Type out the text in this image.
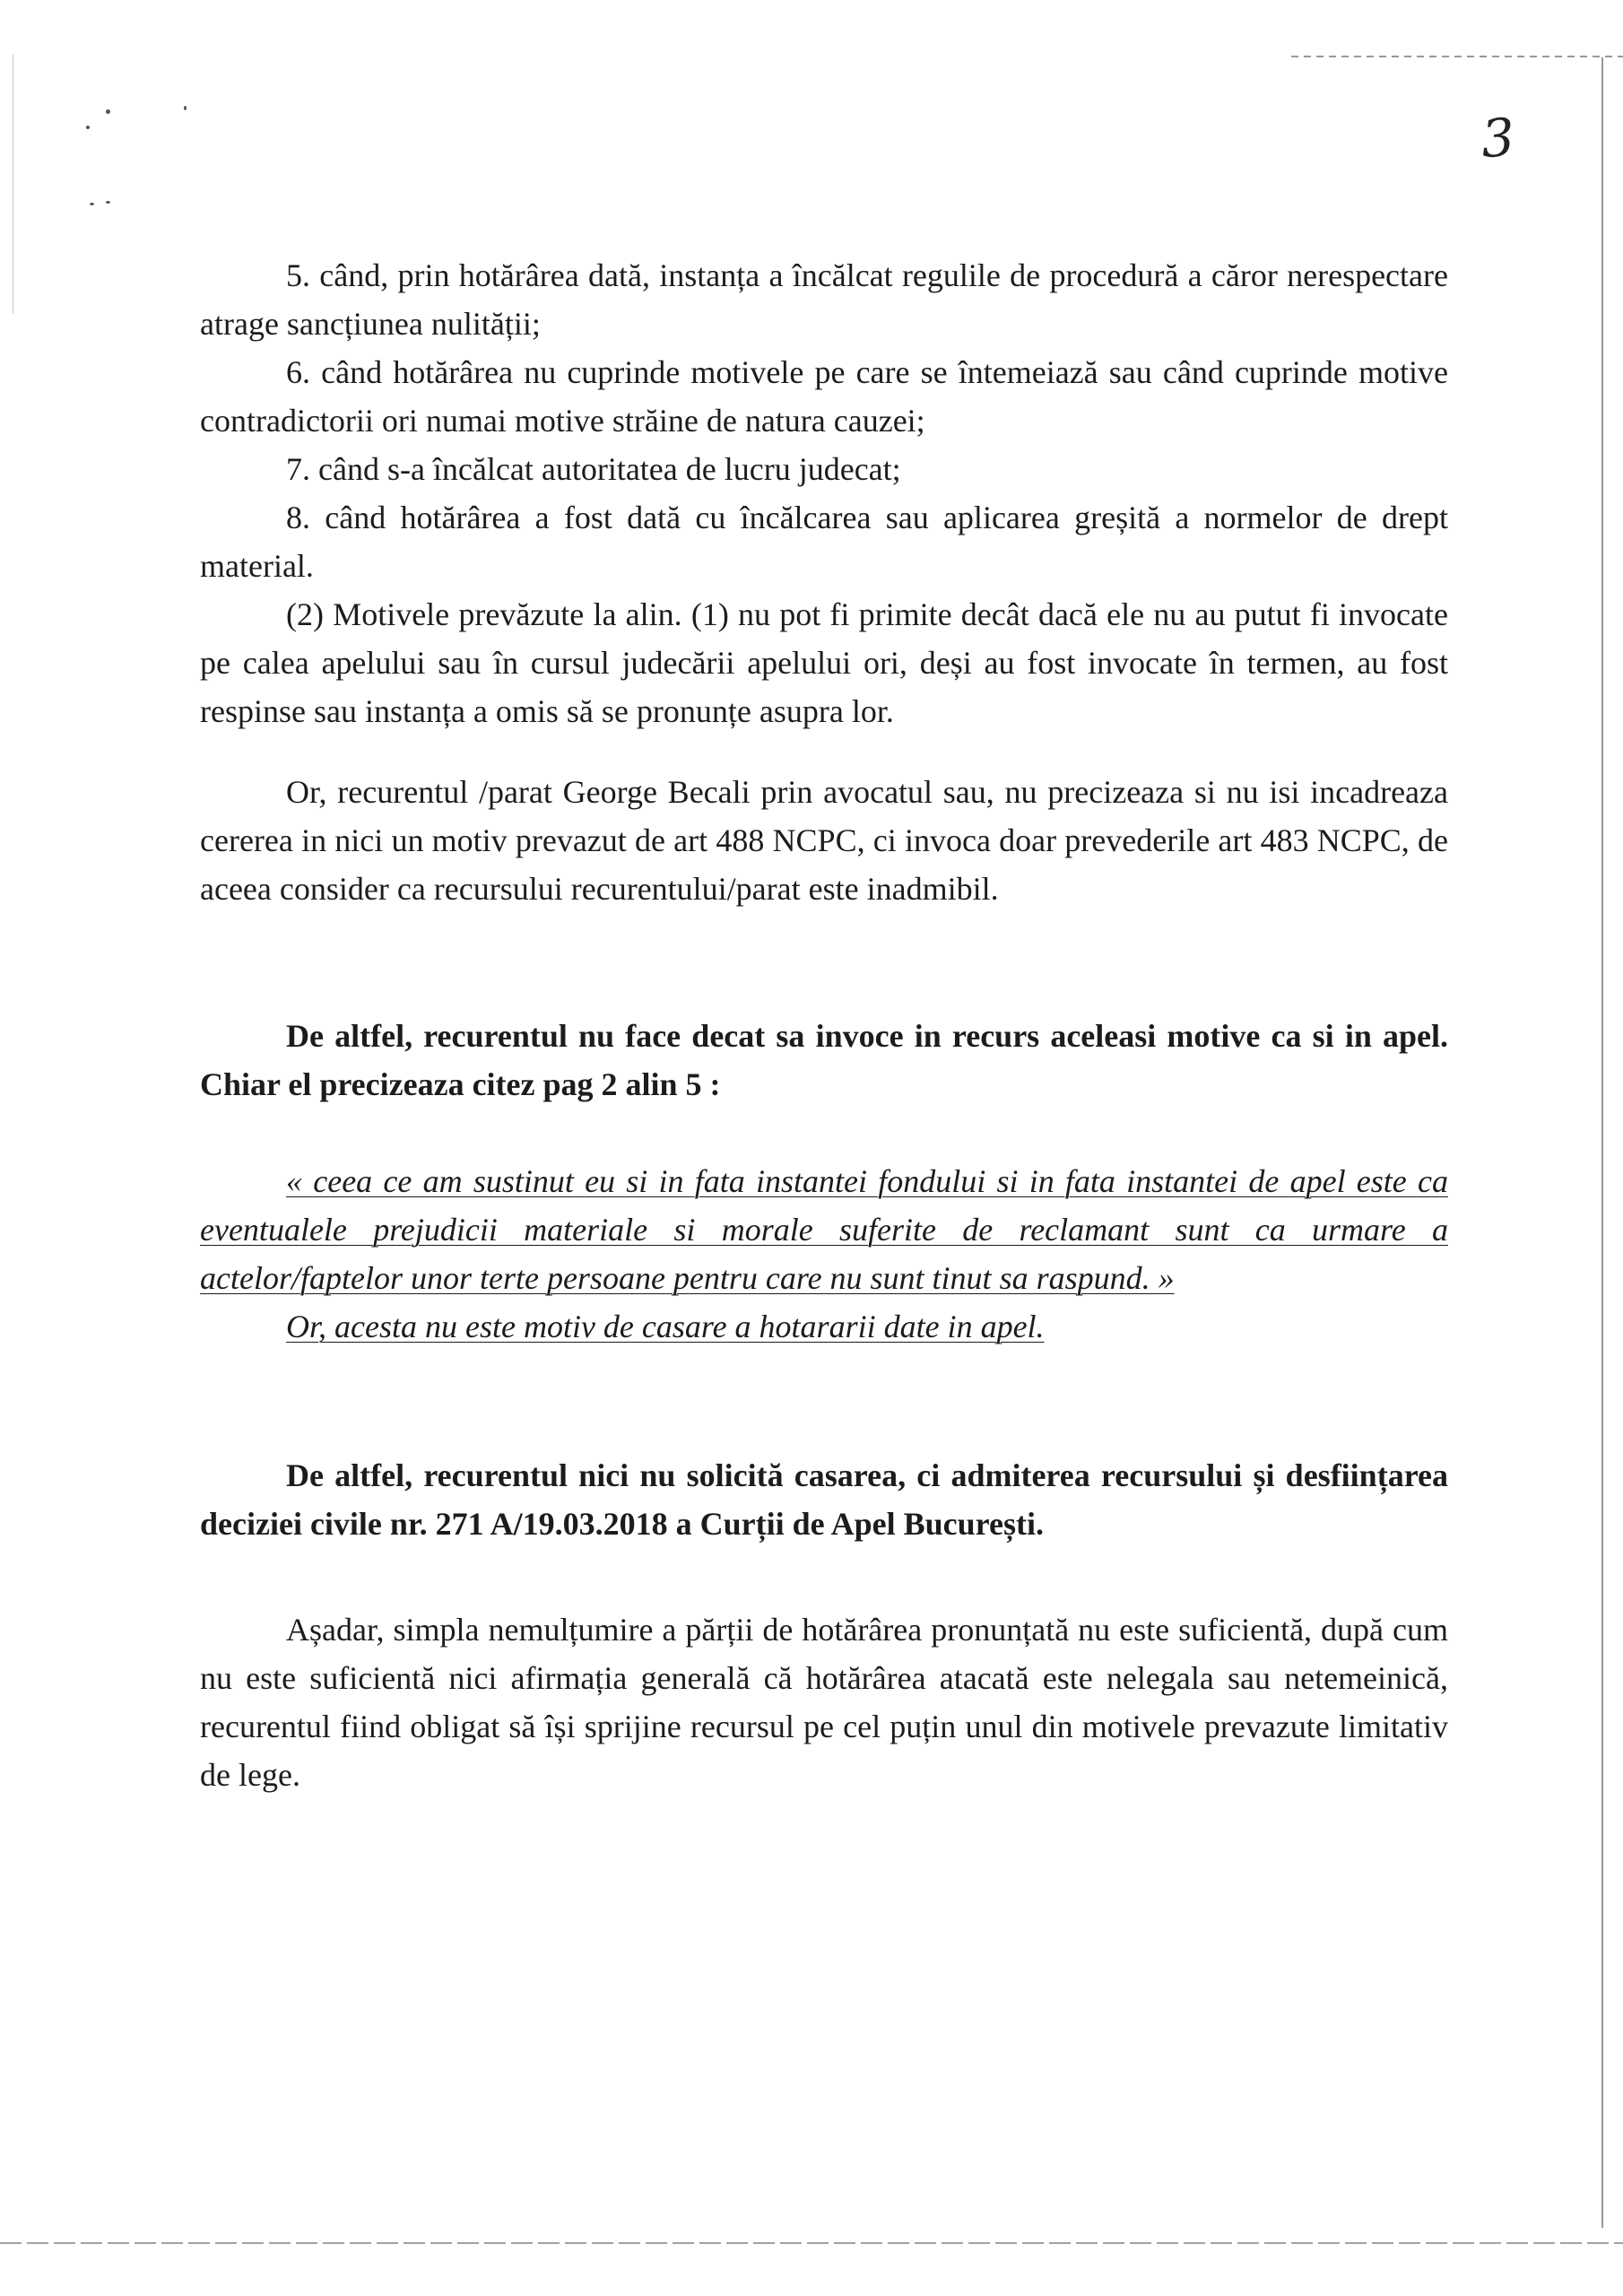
3

5. când, prin hotărârea dată, instanța a încălcat regulile de procedură a căror nerespectare atrage sancțiunea nulității;

6. când hotărârea nu cuprinde motivele pe care se întemeiază sau când cuprinde motive contradictorii ori numai motive străine de natura cauzei;

7. când s-a încălcat autoritatea de lucru judecat;

8. când hotărârea a fost dată cu încălcarea sau aplicarea greșită a normelor de drept material.

(2) Motivele prevăzute la alin. (1) nu pot fi primite decât dacă ele nu au putut fi invocate pe calea apelului sau în cursul judecării apelului ori, deși au fost invocate în termen, au fost respinse sau instanța a omis să se pronunțe asupra lor.

Or, recurentul /parat George Becali prin avocatul sau, nu precizeaza si nu isi incadreaza cererea in nici un motiv prevazut de art 488 NCPC, ci invoca doar prevederile art 483 NCPC, de aceea consider ca recursului recurentului/parat este inadmibil.

De altfel, recurentul nu face decat sa invoce in recurs aceleasi motive ca si in apel. Chiar el precizeaza citez pag 2 alin 5 :

« ceea ce am sustinut eu si in fata instantei fondului si in fata instantei de apel este ca eventualele prejudicii materiale si morale suferite de reclamant sunt ca urmare a actelor/faptelor unor terte persoane pentru care nu sunt tinut sa raspund. »

Or, acesta nu este motiv de casare a hotararii date in apel.

De altfel, recurentul nici nu solicită casarea, ci admiterea recursului și desființarea deciziei civile nr. 271 A/19.03.2018 a Curții de Apel București.

Așadar, simpla nemulțumire a părții de hotărârea pronunțată nu este suficientă, după cum nu este suficientă nici afirmația generală că hotărârea atacată este nelegala sau netemeinică, recurentul fiind obligat să își sprijine recursul pe cel puțin unul din motivele prevazute limitativ de lege.
